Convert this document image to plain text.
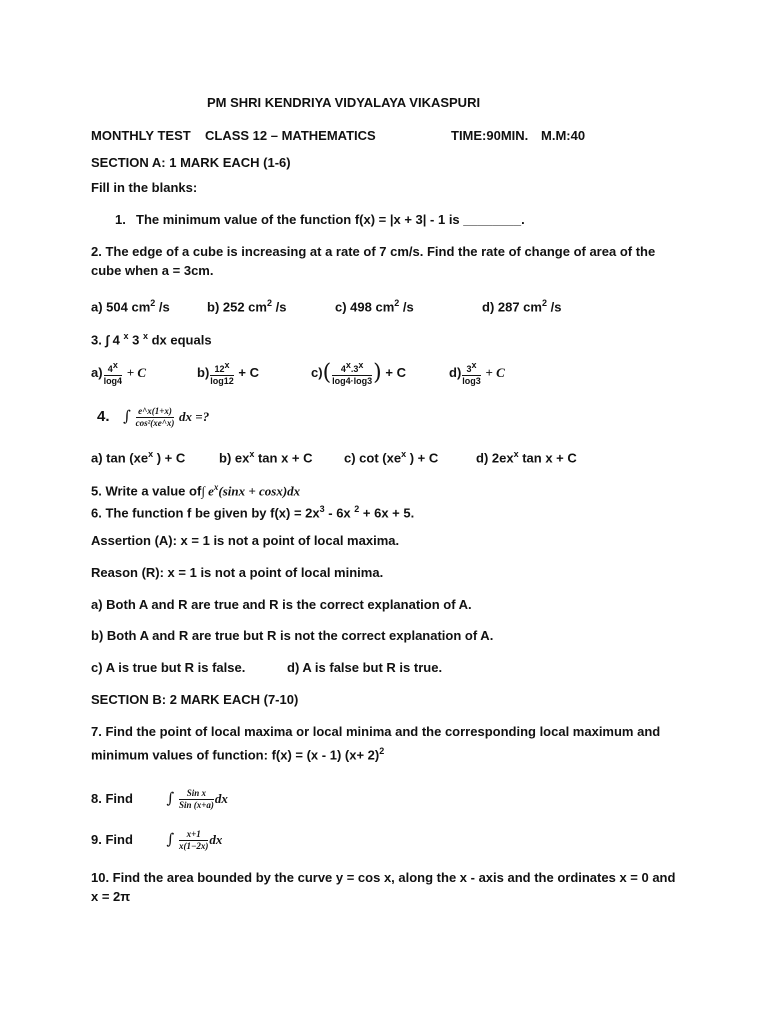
PM SHRI KENDRIYA VIDYALAYA VIKASPURI
MONTHLY TEST CLASS 12 – MATHEMATICS	TIME:90MIN. M.M:40
SECTION A: 1 MARK EACH (1-6)
Fill in the blanks:
1. The minimum value of the function f(x) = |x + 3| - 1 is ________.
2. The edge of a cube is increasing at a rate of 7 cm/s. Find the rate of change of area of the
cube when a = 3cm.
a) 504 $cm^2$ /s	b) 252 $cm^2$ /s	c) 498 $cm^2$ /s	d) 287 $cm^2$ /s
3. ∫ 4 $^x$ 3 $^x$ dx equals
$a) \frac{4^x}{\log 4} + C$	$b) \frac{12^x}{\log 12} + C$	$c)( \frac{4^x.3^x}{\log 4\cdot\log 3}$ ) + C	$d) \frac{3^x}{\log 3} + C$
4. ∫ $\frac{e\^{}x(1+x)}{\text{cos²(xe\textasciicircum{}x)}}$ dx =?
a) $\tan (xe^x$ ) + C	b) $ex^x$ tan x + C c) $\cot (xe^x$ ) + C	d) $2ex^x$ tan x + C
5. Write a value of∫ $e^x(\sin x + \cos x)dx$
6. The function f be given by $f(x) = 2x^3 - 6x$ $^2$ + 6x + 5.
Assertion (A): x = 1 is not a point of local maxima.
Reason (R): x = 1 is not a point of local minima.
a) Both A and R are true and R is the correct explanation of A.
b) Both A and R are true but R is not the correct explanation of A.
c) A is true but R is false.	d) A is false but R is true.
SECTION B: 2 MARK EACH (7-10)
7. Find the point of local maxima or local minima and the corresponding local maximum and
minimum values of function: f(x) = (x - 1) $(x+ 2)^2$
8. Find ∫ $\frac{\text{Sin x}}{\text{Sin (x+a)}}$ dx
9. Find ∫ $\frac{x+1}{x(1-2x)}$ dx
10. Find the area bounded by the curve y = cos x, along the x - axis and the ordinates x = 0 and
x = 2π
